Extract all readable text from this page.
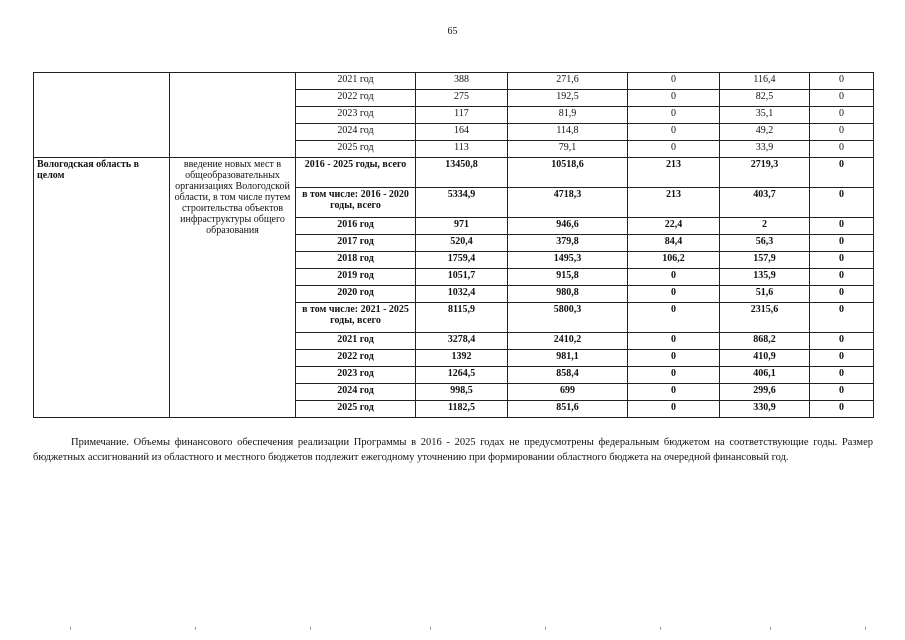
65
		2021 год	388	271,6	0	116,4	0	
		2022 год	275	192,5	0	82,5	0	
		2023 год	117	81,9	0	35,1	0	
		2024 год	164	114,8	0	49,2	0	
		2025 год	113	79,1	0	33,9	0	
Вологодская область в целом	введение новых мест в общеобразовательных организациях Вологодской области, в том числе путем строительства объектов инфраструктуры общего образования	2016 - 2025 годы, всего	13450,8	10518,6	213	2719,3	0	
		в том числе: 2016 - 2020 годы, всего	5334,9	4718,3	213	403,7	0	
		2016 год	971	946,6	22,4	2	0	
		2017 год	520,4	379,8	84,4	56,3	0	
		2018 год	1759,4	1495,3	106,2	157,9	0	
		2019 год	1051,7	915,8	0	135,9	0	
		2020 год	1032,4	980,8	0	51,6	0	
		в том числе: 2021 - 2025 годы, всего	8115,9	5800,3	0	2315,6	0	
		2021 год	3278,4	2410,2	0	868,2	0	
		2022 год	1392	981,1	0	410,9	0	
		2023 год	1264,5	858,4	0	406,1	0	
		2024 год	998,5	699	0	299,6	0	
		2025 год	1182,5	851,6	0	330,9	0	
Примечание. Объемы финансового обеспечения реализации Программы в 2016 - 2025 годах не предусмотрены федеральным бюджетом на соответствующие годы. Размер бюджетных ассигнований из областного и местного бюджетов подлежит ежегодному уточнению при формировании областного бюджета на очередной финансовый год.
